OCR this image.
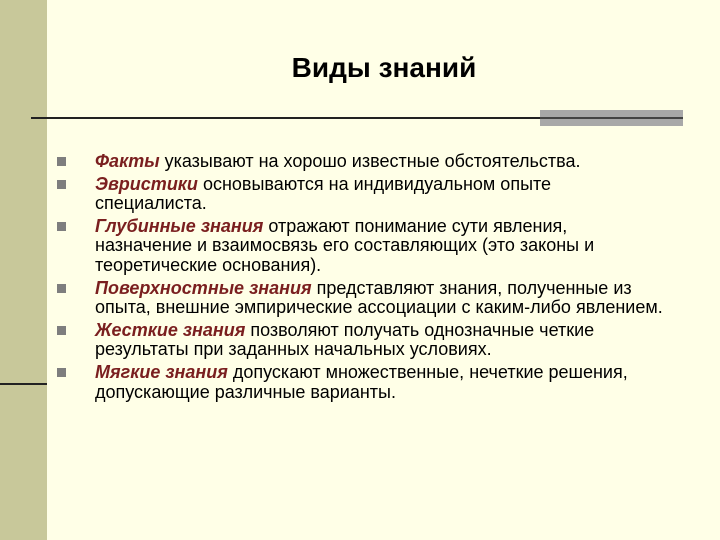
Виды знаний
Факты указывают на хорошо известные обстоятельства.
Эвристики основываются на индивидуальном опыте специалиста.
Глубинные знания отражают понимание сути явления, назначение и взаимосвязь его составляющих (это законы и теоретические основания).
Поверхностные знания представляют знания, полученные из опыта, внешние эмпирические ассоциации с каким-либо явлением.
Жесткие знания позволяют получать однозначные четкие результаты при заданных начальных условиях.
Мягкие знания допускают множественные, нечеткие решения, допускающие различные варианты.
